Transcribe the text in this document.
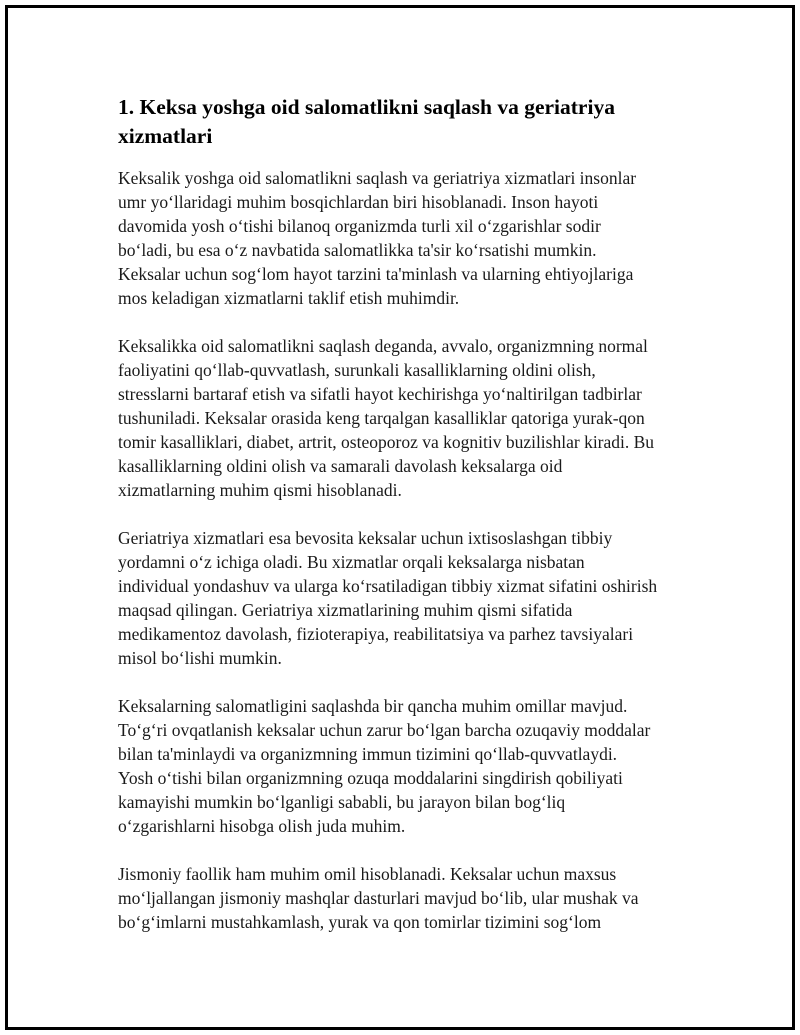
1. Keksa yoshga oid salomatlikni saqlash va geriatriya
xizmatlari

Keksalik yoshga oid salomatlikni saqlash va geriatriya xizmatlari insonlar
umr yo‘llaridagi muhim bosqichlardan biri hisoblanadi. Inson hayoti
davomida yosh o‘tishi bilanoq organizmda turli xil o‘zgarishlar sodir
bo‘ladi, bu esa o‘z navbatida salomatlikka ta'sir ko‘rsatishi mumkin.
Keksalar uchun sog‘lom hayot tarzini ta'minlash va ularning ehtiyojlariga
mos keladigan xizmatlarni taklif etish muhimdir.

Keksalikka oid salomatlikni saqlash deganda, avvalo, organizmning normal
faoliyatini qo‘llab-quvvatlash, surunkali kasalliklarning oldini olish,
stresslarni bartaraf etish va sifatli hayot kechirishga yo‘naltirilgan tadbirlar
tushuniladi. Keksalar orasida keng tarqalgan kasalliklar qatoriga yurak-qon
tomir kasalliklari, diabet, artrit, osteoporoz va kognitiv buzilishlar kiradi. Bu
kasalliklarning oldini olish va samarali davolash keksalarga oid
xizmatlarning muhim qismi hisoblanadi.

Geriatriya xizmatlari esa bevosita keksalar uchun ixtisoslashgan tibbiy
yordamni o‘z ichiga oladi. Bu xizmatlar orqali keksalarga nisbatan
individual yondashuv va ularga ko‘rsatiladigan tibbiy xizmat sifatini oshirish
maqsad qilingan. Geriatriya xizmatlarining muhim qismi sifatida
medikamentoz davolash, fizioterapiya, reabilitatsiya va parhez tavsiyalari
misol bo‘lishi mumkin.

Keksalarning salomatligini saqlashda bir qancha muhim omillar mavjud.
To‘g‘ri ovqatlanish keksalar uchun zarur bo‘lgan barcha ozuqaviy moddalar
bilan ta'minlaydi va organizmning immun tizimini qo‘llab-quvvatlaydi.
Yosh o‘tishi bilan organizmning ozuqa moddalarini singdirish qobiliyati
kamayishi mumkin bo‘lganligi sababli, bu jarayon bilan bog‘liq
o‘zgarishlarni hisobga olish juda muhim.

Jismoniy faollik ham muhim omil hisoblanadi. Keksalar uchun maxsus
mo‘ljallangan jismoniy mashqlar dasturlari mavjud bo‘lib, ular mushak va
bo‘g‘imlarni mustahkamlash, yurak va qon tomirlar tizimini sog‘lom
